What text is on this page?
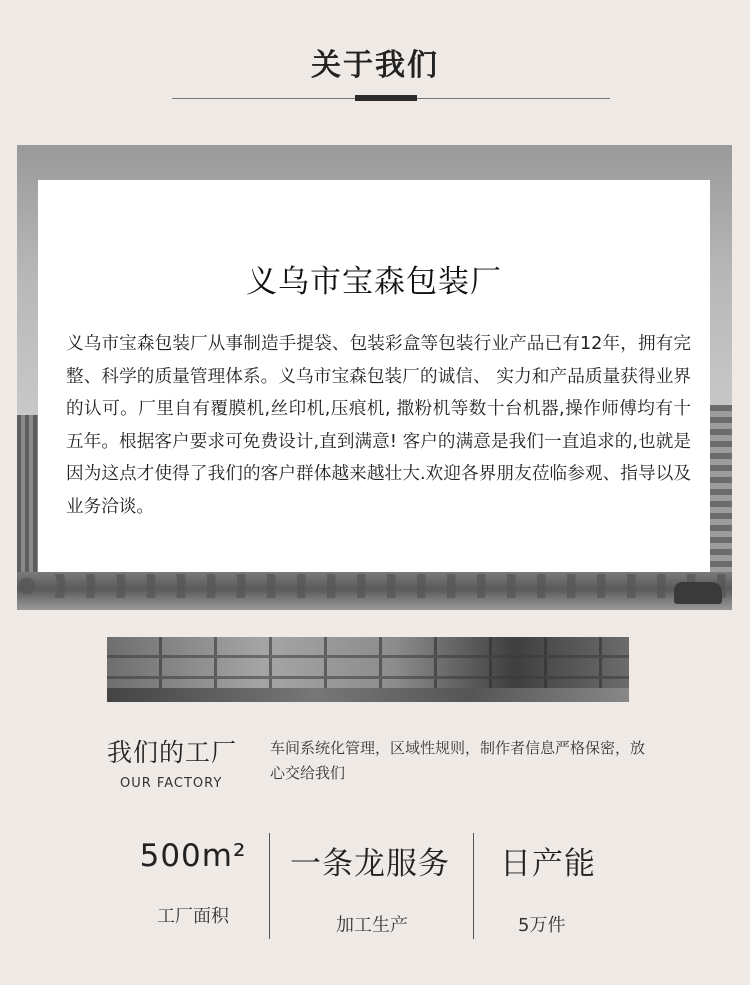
关于我们
义乌市宝森包装厂

义乌市宝森包装厂从事制造手提袋、包装彩盒等包装行业产品已有12年，拥有完整、科学的质量管理体系。义乌市宝森包装厂的诚信、 实力和产品质量获得业界的认可。厂里自有覆膜机,丝印机,压痕机, 撒粉机等数十台机器,操作师傅均有十五年。根据客户要求可免费设计,直到满意! 客户的满意是我们一直追求的,也就是因为这点才使得了我们的客户群体越来越壮大.欢迎各界朋友莅临参观、指导以及业务洽谈。

我们的工厂
OUR FACTORY

车间系统化管理，区域性规则，制作者信息严格保密，放心交给我们

500m²
工厂面积
一条龙服务
加工生产
日产能
5万件
